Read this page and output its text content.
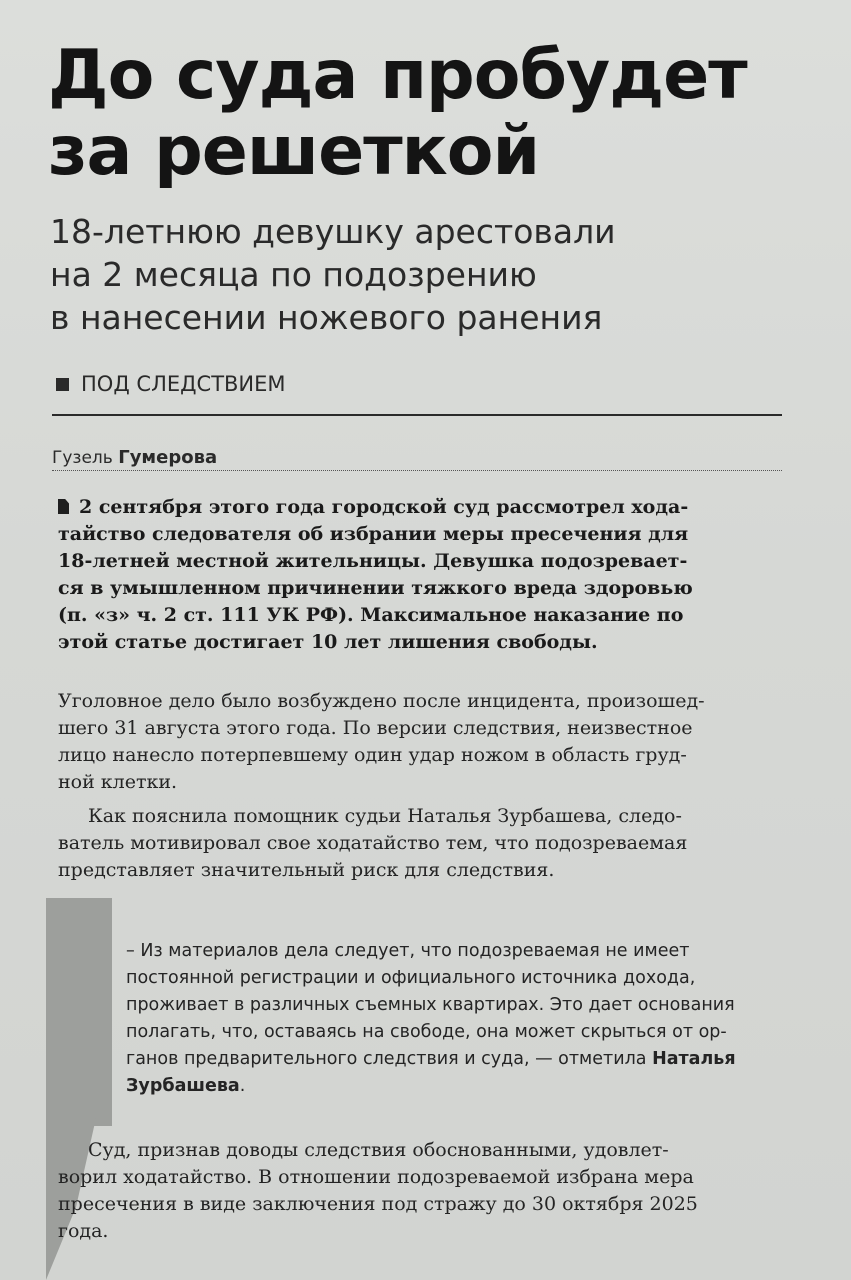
До суда пробудет
за решеткой
18-летнюю девушку арестовали
на 2 месяца по подозрению
в нанесении ножевого ранения
ПОД СЛЕДСТВИЕМ
Гузель Гумерова
2 сентября этого года городской суд рассмотрел хода-
тайство следователя об избрании меры пресечения для
18-летней местной жительницы. Девушка подозревает-
ся в умышленном причинении тяжкого вреда здоровью
(п. «з» ч. 2 ст. 111 УК РФ). Максимальное наказание по
этой статье достигает 10 лет лишения свободы.
Уголовное дело было возбуждено после инцидента, произошед-
шего 31 августа этого года. По версии следствия, неизвестное
лицо нанесло потерпевшему один удар ножом в область груд-
ной клетки.
Как пояснила помощник судьи Наталья Зурбашева, следо-
ватель мотивировал свое ходатайство тем, что подозреваемая
представляет значительный риск для следствия.
– Из материалов дела следует, что подозреваемая не имеет
постоянной регистрации и официального источника дохода,
проживает в различных съемных квартирах. Это дает основания
полагать, что, оставаясь на свободе, она может скрыться от ор-
ганов предварительного следствия и суда, — отметила Наталья
Зурбашева.
Суд, признав доводы следствия обоснованными, удовлет-
ворил ходатайство. В отношении подозреваемой избрана мера
пресечения в виде заключения под стражу до 30 октября 2025
года.
